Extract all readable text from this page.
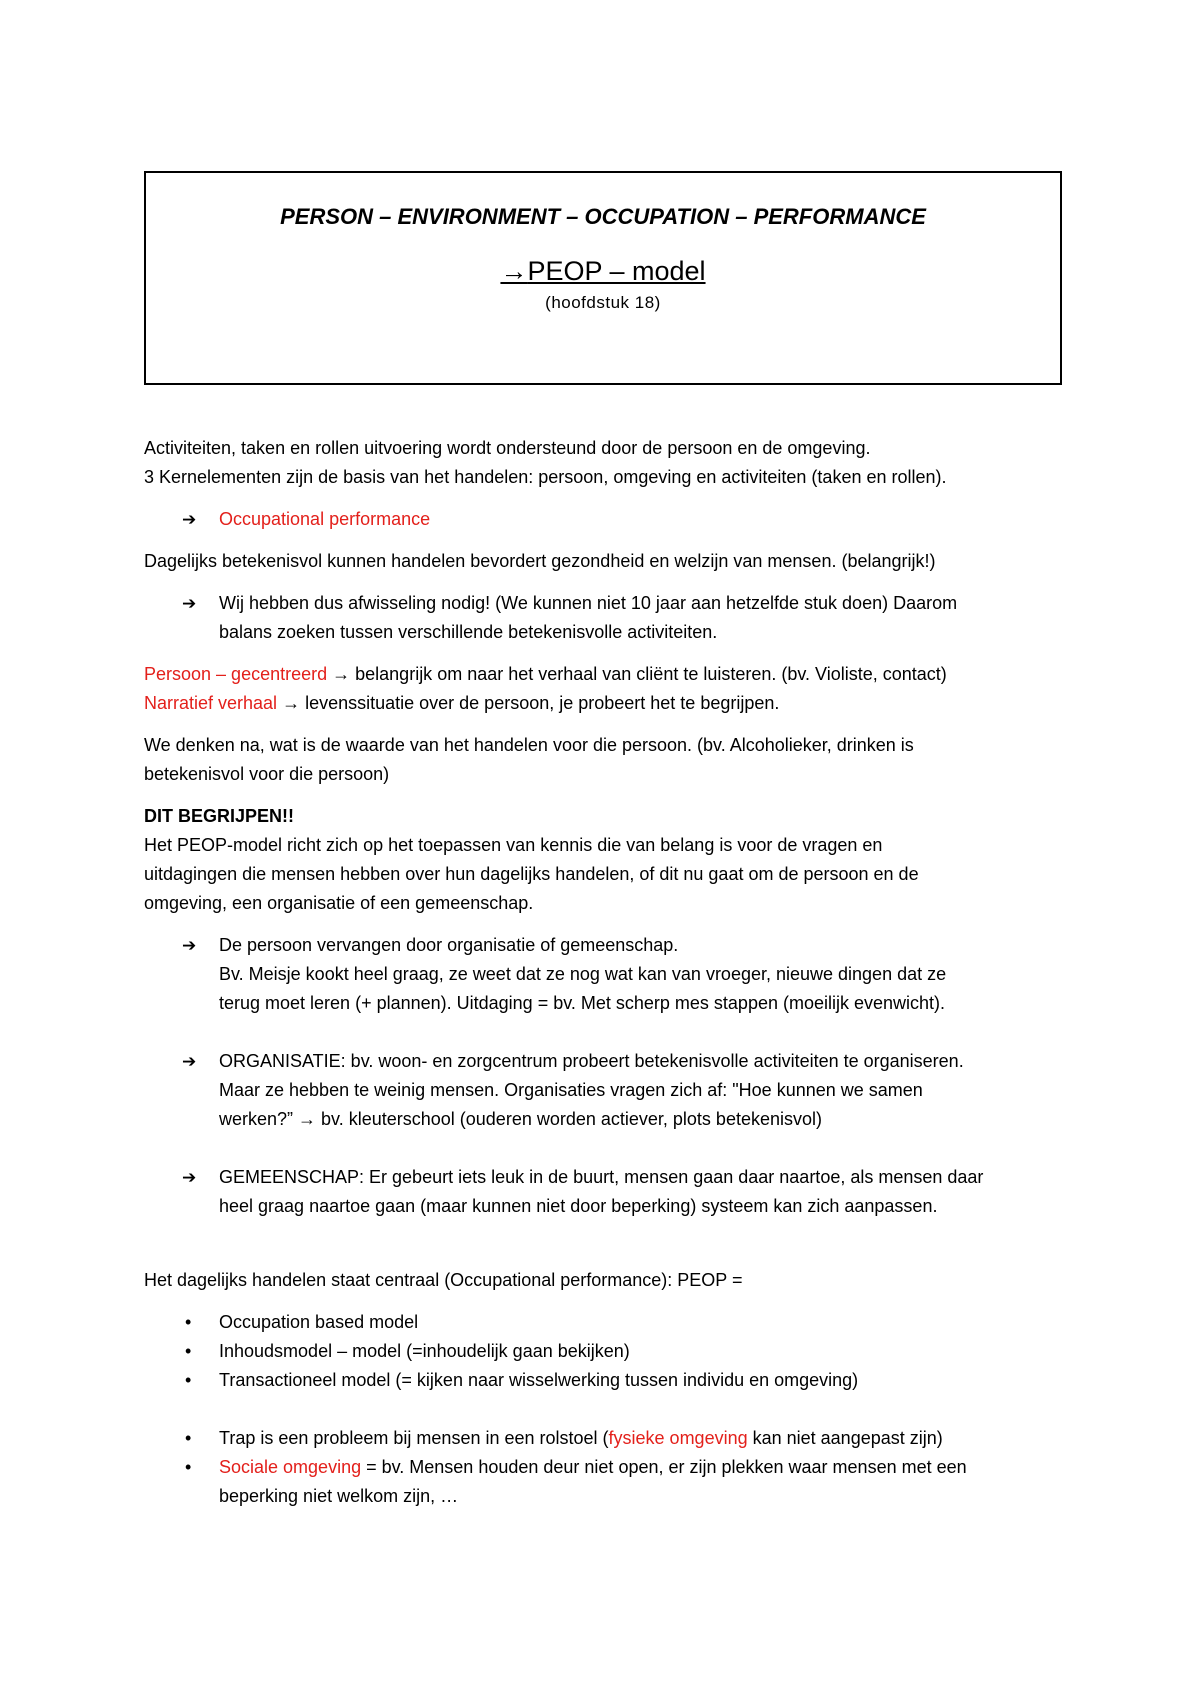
PERSON – ENVIRONMENT – OCCUPATION – PERFORMANCE
→PEOP – model
(hoofdstuk 18)

Activiteiten, taken en rollen uitvoering wordt ondersteund door de persoon en de omgeving.

3 Kernelementen zijn de basis van het handelen: persoon, omgeving en activiteiten (taken en rollen).

➔ Occupational performance

Dagelijks betekenisvol kunnen handelen bevordert gezondheid en welzijn van mensen. (belangrijk!)

➔ Wij hebben dus afwisseling nodig! (We kunnen niet 10 jaar aan hetzelfde stuk doen) Daarom
balans zoeken tussen verschillende betekenisvolle activiteiten.

Persoon – gecentreerd → belangrijk om naar het verhaal van cliënt te luisteren. (bv. Violiste, contact)

Narratief verhaal → levenssituatie over de persoon, je probeert het te begrijpen.

We denken na, wat is de waarde van het handelen voor die persoon. (bv. Alcoholieker, drinken is

betekenisvol voor die persoon)

DIT BEGRIJPEN!!

Het PEOP-model richt zich op het toepassen van kennis die van belang is voor de vragen en

uitdagingen die mensen hebben over hun dagelijks handelen, of dit nu gaat om de persoon en de

omgeving, een organisatie of een gemeenschap.

➔ De persoon vervangen door organisatie of gemeenschap.
Bv. Meisje kookt heel graag, ze weet dat ze nog wat kan van vroeger, nieuwe dingen dat ze
terug moet leren (+ plannen). Uitdaging = bv. Met scherp mes stappen (moeilijk evenwicht).
➔ ORGANISATIE: bv. woon- en zorgcentrum probeert betekenisvolle activiteiten te organiseren.
Maar ze hebben te weinig mensen. Organisaties vragen zich af: "Hoe kunnen we samen
werken?” → bv. kleuterschool (ouderen worden actiever, plots betekenisvol)
➔ GEMEENSCHAP: Er gebeurt iets leuk in de buurt, mensen gaan daar naartoe, als mensen daar
heel graag naartoe gaan (maar kunnen niet door beperking) systeem kan zich aanpassen.

Het dagelijks handelen staat centraal (Occupational performance): PEOP =

• Occupation based model
• Inhoudsmodel – model (=inhoudelijk gaan bekijken)
• Transactioneel model (= kijken naar wisselwerking tussen individu en omgeving)
• Trap is een probleem bij mensen in een rolstoel (fysieke omgeving kan niet aangepast zijn)
• Sociale omgeving = bv. Mensen houden deur niet open, er zijn plekken waar mensen met een
beperking niet welkom zijn, …
